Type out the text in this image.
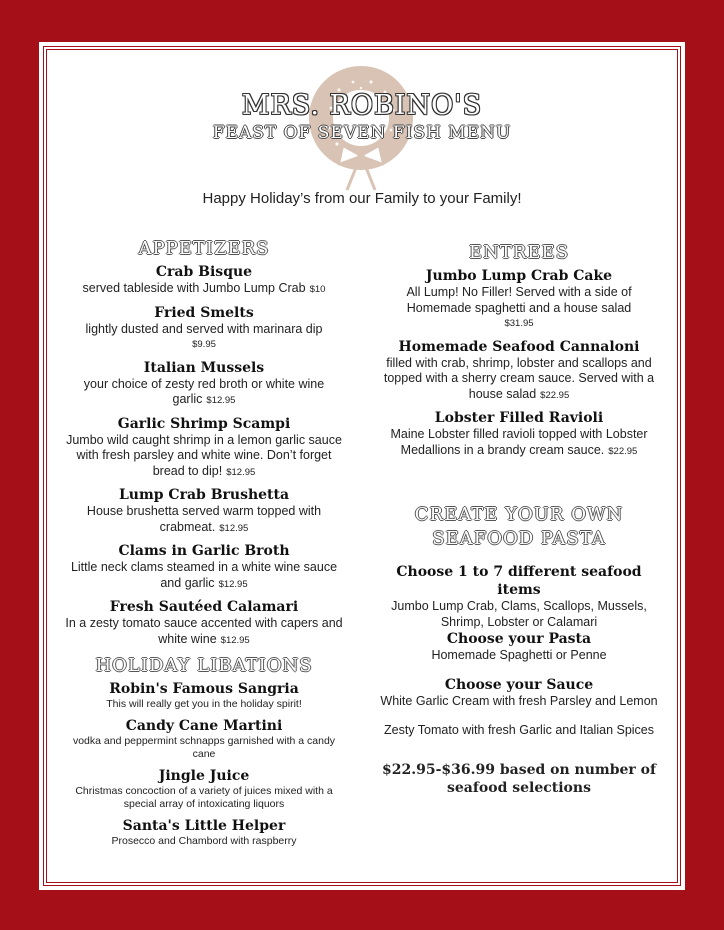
MRS. ROBINO'S
FEAST OF SEVEN FISH MENU
Happy Holiday’s from our Family to your Family!
APPETIZERS
Crab Bisque
served tableside with Jumbo Lump Crab $10
Fried Smelts
lightly dusted and served with marinara dip
$9.95
Italian Mussels
your choice of zesty red broth or white wine garlic $12.95
Garlic Shrimp Scampi
Jumbo wild caught shrimp in a lemon garlic sauce with fresh parsley and white wine. Don’t forget bread to dip! $12.95
Lump Crab Brushetta
House brushetta served warm topped with crabmeat. $12.95
Clams in Garlic Broth
Little neck clams steamed in a white wine sauce and garlic $12.95
Fresh Sautéed Calamari
In a zesty tomato sauce accented with capers and white wine $12.95
HOLIDAY LIBATIONS
Robin's Famous Sangria
This will really get you in the holiday spirit!
Candy Cane Martini
vodka and peppermint schnapps garnished with a candy cane
Jingle Juice
Christmas concoction of a variety of juices mixed with a special array of intoxicating liquors
Santa's Little Helper
Prosecco and Chambord with raspberry
ENTREES
Jumbo Lump Crab Cake
All Lump! No Filler! Served with a side of Homemade spaghetti and a house salad
$31.95
Homemade Seafood Cannaloni
filled with crab, shrimp, lobster and scallops and topped with a sherry cream sauce. Served with a house salad $22.95
Lobster Filled Ravioli
Maine Lobster filled ravioli topped with Lobster Medallions in a brandy cream sauce. $22.95
CREATE YOUR OWN
SEAFOOD PASTA
Choose 1 to 7 different seafood items
Jumbo Lump Crab, Clams, Scallops, Mussels, Shrimp, Lobster or Calamari
Choose your Pasta
Homemade Spaghetti or Penne
Choose your Sauce
White Garlic Cream with fresh Parsley and Lemon
Zesty Tomato with fresh Garlic and Italian Spices
$22.95-$36.99 based on number of seafood selections
